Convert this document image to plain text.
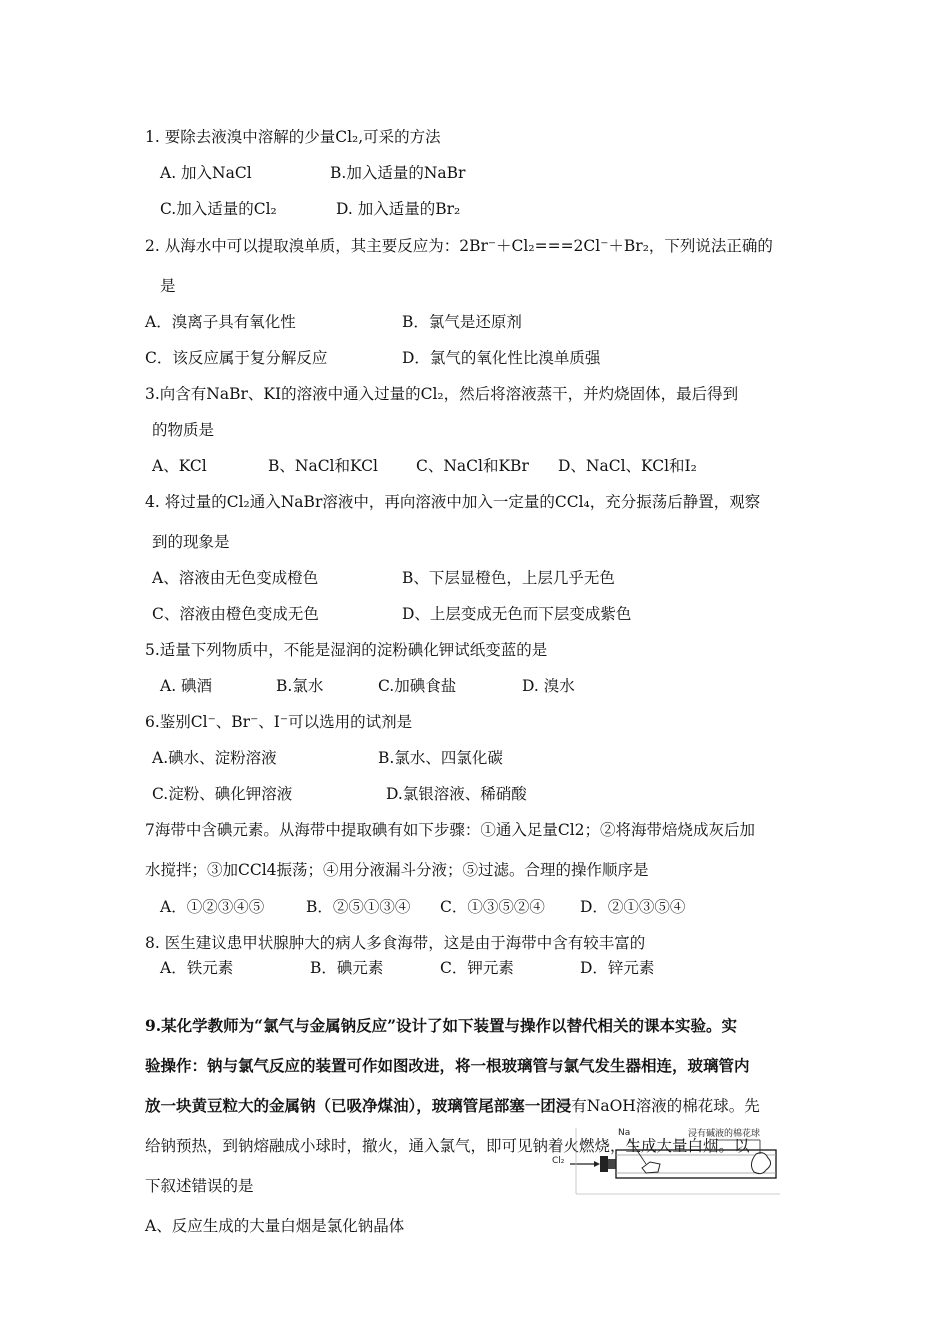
1. 要除去液溴中溶解的少量Cl₂,可采的方法
A. 加入NaCl	B.加入适量的NaBr
C.加入适量的Cl₂	D. 加入适量的Br₂
2. 从海水中可以提取溴单质，其主要反应为：2Br⁻＋Cl₂===2Cl⁻＋Br₂，下列说法正确的
是
A．溴离子具有氧化性	B．氯气是还原剂
C．该反应属于复分解反应	D．氯气的氧化性比溴单质强
3.向含有NaBr、KI的溶液中通入过量的Cl₂，然后将溶液蒸干，并灼烧固体，最后得到
的物质是
A、KCl	B、NaCl和KCl C、NaCl和KBr D、NaCl、KCl和I₂
4. 将过量的Cl₂通入NaBr溶液中，再向溶液中加入一定量的CCl₄，充分振荡后静置，观察
到的现象是
A、溶液由无色变成橙色	B、下层显橙色，上层几乎无色
C、溶液由橙色变成无色	D、上层变成无色而下层变成紫色
5.适量下列物质中，不能是湿润的淀粉碘化钾试纸变蓝的是
A. 碘酒	B.氯水	C.加碘食盐	D. 溴水
6.鉴别Cl⁻、Br⁻、I⁻可以选用的试剂是
A.碘水、淀粉溶液	B.氯水、四氯化碳
C.淀粉、碘化钾溶液	D.氯银溶液、稀硝酸
7海带中含碘元素。从海带中提取碘有如下步骤：①通入足量Cl2；②将海带焙烧成灰后加
水搅拌；③加CCl4振荡；④用分液漏斗分液；⑤过滤。合理的操作顺序是
A．①②③④⑤	B．②⑤①③④ C．①③⑤②④ D．②①③⑤④
8. 医生建议患甲状腺肿大的病人多食海带，这是由于海带中含有较丰富的
A．铁元素	B．碘元素	C．钾元素	D．锌元素
9.某化学教师为“氯气与金属钠反应”设计了如下装置与操作以替代相关的课本实验。实
验操作：钠与氯气反应的装置可作如图改进，将一根玻璃管与氯气发生器相连，玻璃管内
放一块黄豆粒大的金属钠（已吸净煤油），玻璃管尾部塞一团浸有NaOH溶液的棉花球。先
给钠预热，到钠熔融成小球时，撤火，通入氯气，即可见钠着火燃烧，生成大量白烟。以
下叙述错误的是
A、反应生成的大量白烟是氯化钠晶体
Na	浸有碱液的棉花球
Cl₂
